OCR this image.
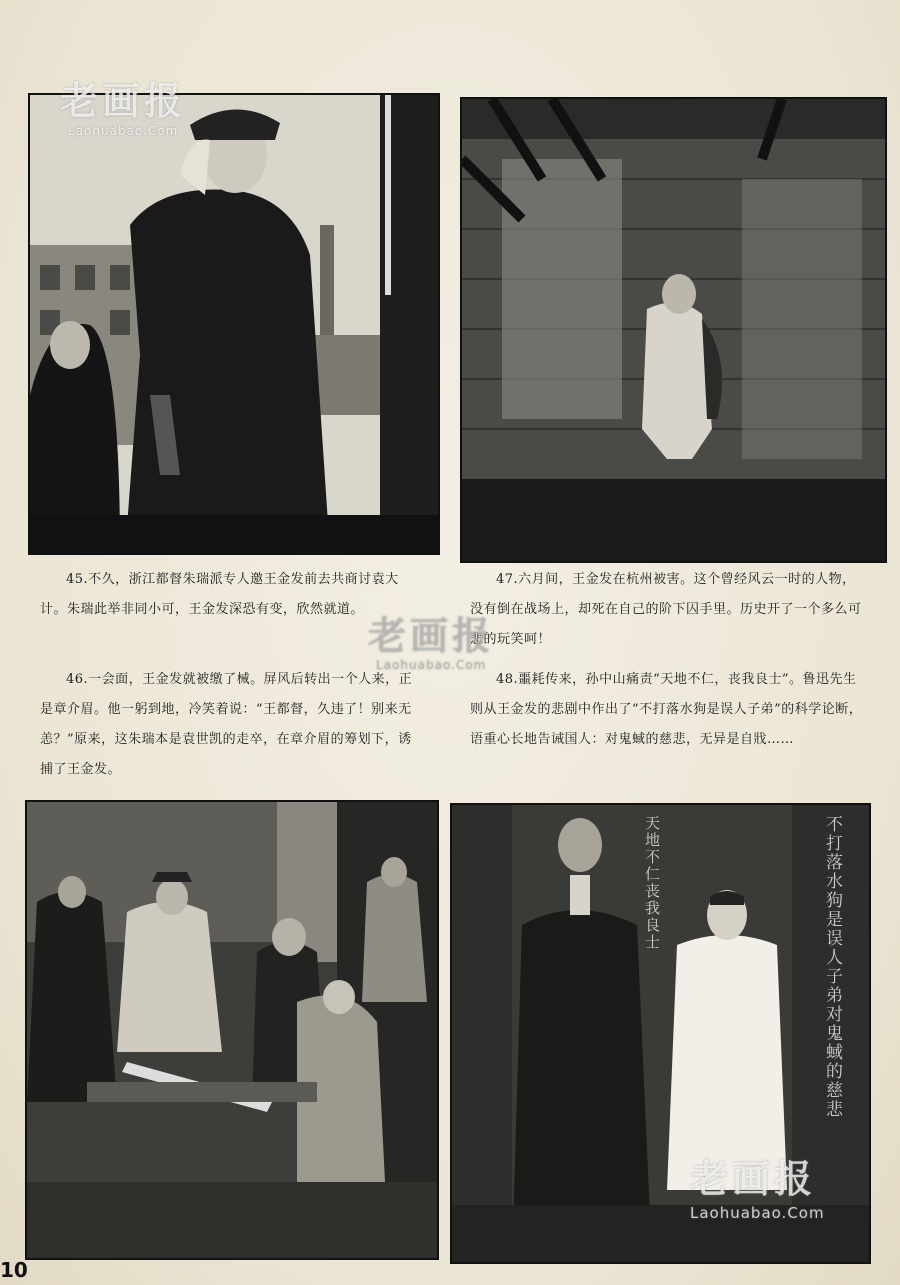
天地不仁丧我良士	不打落水狗是误人子弟对鬼蜮的慈悲

45.不久，浙江都督朱瑞派专人邀王金发前去共商讨袁大计。朱瑞此举非同小可，王金发深恐有变，欣然就道。

46.一会面，王金发就被缴了械。屏风后转出一个人来，正是章介眉。他一躬到地，冷笑着说：“王都督，久违了！别来无恙？”原来，这朱瑞本是袁世凯的走卒，在章介眉的筹划下，诱捕了王金发。

47.六月间，王金发在杭州被害。这个曾经风云一时的人物，没有倒在战场上，却死在自己的阶下囚手里。历史开了一个多么可悲的玩笑呵！

48.噩耗传来，孙中山痛责“天地不仁，丧我良士”。鲁迅先生则从王金发的悲剧中作出了“不打落水狗是误人子弟”的科学论断，语重心长地告诫国人：对鬼蜮的慈悲，无异是自戕……

老画报
Laohuabao.Com
老画报
Laohuabao.Com
老画报
Laohuabao.Com
10
